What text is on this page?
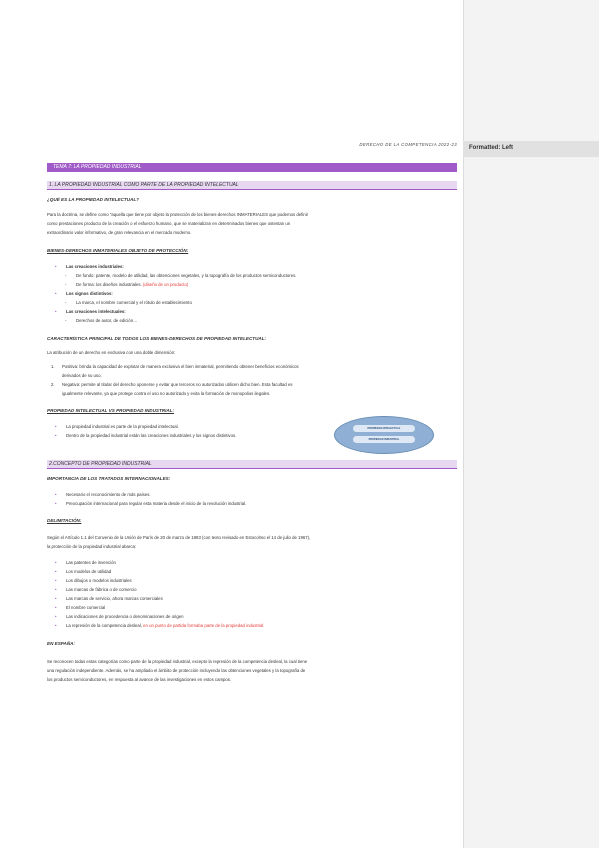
Formatted: Left
DERECHO DE LA COMPETENCIA 2022-23
TEMA 7: LA PROPIEDAD INDUSTRIAL
1. LA PROPIEDAD INDUSTRIAL COMO PARTE DE LA PROPIEDAD INTELECTUAL
¿QUÉ ES LA PROPIEDAD INTELECTUAL?
Para la doctrina, se define como "aquella que tiene por objeto la protección de los bienes-derechos INMATERIALES que podemos definir
como prestaciones producto de la creación o el esfuerzo humano, que se materializan en determinados bienes que ostentan un
extraordinario valor informativo, de gran relevancia en el mercado moderno.
BIENES-DERECHOS INMATERIALES OBJETO DE PROTECCIÓN:
• Las creaciones industriales:
- De fondo: patente, modelo de utilidad, las obtenciones vegetales, y la topografía de los productos semiconductores.
- De forma: los diseños industriales. (diseño de un producto)
• Los signos distintivos:
- La marca, el nombre comercial y el rótulo de establecimiento
• Las creaciones intelectuales:
- Derechos de autor, de edición…
CARACTERÍSTICA PRINCIPAL DE TODOS LOS BIENES-DERECHOS DE PROPIEDAD INTELECTUAL:
La atribución de un derecho en exclusiva con una doble dimensión:
1. Positiva: brinda la capacidad de explotar de manera exclusiva el bien inmaterial, permitiendo obtener beneficios económicos
derivados de su uso.
2. Negativa: permite al titular del derecho oponerse y evitar que terceros no autorizados utilicen dicho bien. Esta facultad es
igualmente relevante, ya que protege contra el uso no autorizado y evita la formación de monopolios ilegales.
PROPIEDAD INTELECTUAL VS PROPIEDAD INDUSTRIAL:
• La propiedad industrial es parte de la propiedad intelectual.
• Dentro de la propiedad industrial están las creaciones industriales y los signos distintivos.
PROPIEDAD INTELECTUAL
PROPIEDAD INDUSTRIAL
2.CONCEPTO DE PROPIEDAD INDUSTRIAL
IMPORTANCIA DE LOS TRATADOS INTERNACIONALES:
• Necesario el reconocimiento de más países.
• Preocupación internacional para regular esta materia desde el inicio de la revolución industrial.
DELIMITACIÓN:
Según el Artículo 1.1 del Convenio de la Unión de París de 20 de marzo de 1883 (con texto revisado en Estocolmo el 14 de julio de 1967),
la protección de la propiedad industrial abarca:
• Las patentes de invención
• Los modelos de utilidad
• Los dibujos o modelos industriales
• Las marcas de fábrica o de comercio
• Las marcas de servicio, ahora marcas comerciales
• El nombre comercial
• Las indicaciones de procedencia o denominaciones de origen
• La represión de la competencia desleal, en un punto de partida formaba parte de la propiedad industrial
EN ESPAÑA:
Se reconocen todas estas categorías como parte de la propiedad industrial, excepto la represión de la competencia desleal, la cual tiene
una regulación independiente. Además, se ha ampliado el ámbito de protección incluyendo las obtenciones vegetales y la topografía de
los productos semiconductores, en respuesta al avance de las investigaciones en estos campos.
